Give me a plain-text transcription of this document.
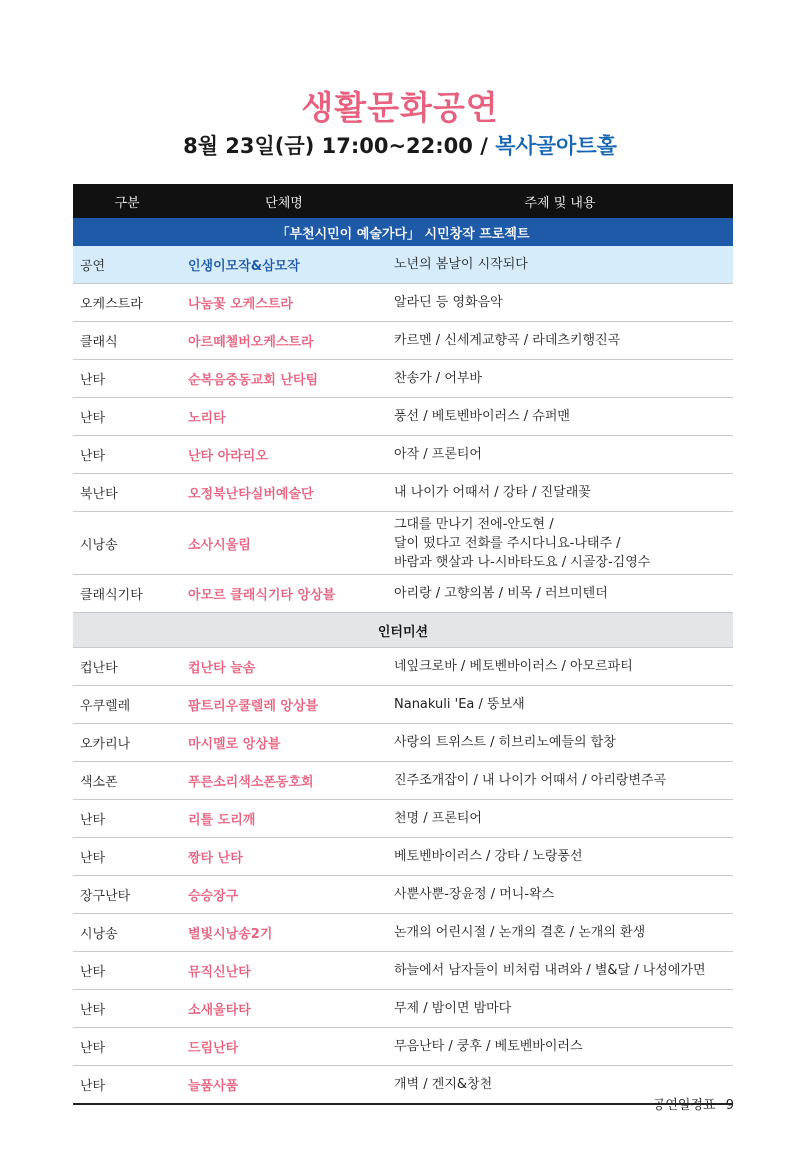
생활문화공연
8월 23일(금) 17:00~22:00 / 복사골아트홀
구분	단체명	주제 및 내용
「부천시민이 예술가다」 시민창작 프로젝트		
공연	인생이모작&삼모작	노년의 봄날이 시작되다

오케스트라	나눔꽃 오케스트라	알라딘 등 영화음악

클래식	아르떼첼버오케스트라	카르멘 / 신세계교향곡 / 라데츠키행진곡

난타	순복음중동교회 난타팀	찬송가 / 어부바

난타	노리타	풍선 / 베토벤바이러스 / 슈퍼맨

난타	난타 아라리오	아작 / 프론티어

북난타	오정북난타실버예술단	내 나이가 어때서 / 강타 / 진달래꽃

시낭송	소사시울림	그대를 만나기 전에-안도현 /
달이 떴다고 전화를 주시다니요-나태주 /
바람과 햇살과 나-시바타도요 / 시골장-김영수

클래식기타	아모르 클래식기타 앙상블	아리랑 / 고향의봄 / 비목 / 러브미텐더

인터미션		
컵난타	컵난타 늘솜	네잎크로바 / 베토벤바이러스 / 아모르파티

우쿠렐레	팜트리우쿨렐레 앙상블	Nanakuli 'Ea / 뚱보새

오카리나	마시멜로 앙상블	사랑의 트위스트 / 히브리노예들의 합창

색소폰	푸른소리색소폰동호회	진주조개잡이 / 내 나이가 어때서 / 아리랑변주곡

난타	리틀 도리깨	천명 / 프론티어

난타	짱타 난타	베토벤바이러스 / 강타 / 노랑풍선

장구난타	승승장구	사뿐사뿐-장윤정 / 머니-왁스

시낭송	별빛시낭송2기	논개의 어린시절 / 논개의 결혼 / 논개의 환생

난타	뮤직신난타	하늘에서 남자들이 비처럼 내려와 / 별&달 / 나성에가면

난타	소새울타타	무제 / 밤이면 밤마다

난타	드림난타	무음난타 / 쿵후 / 베토벤바이러스

난타	늘품사품	개벽 / 겐지&창천
공연일정표 9
